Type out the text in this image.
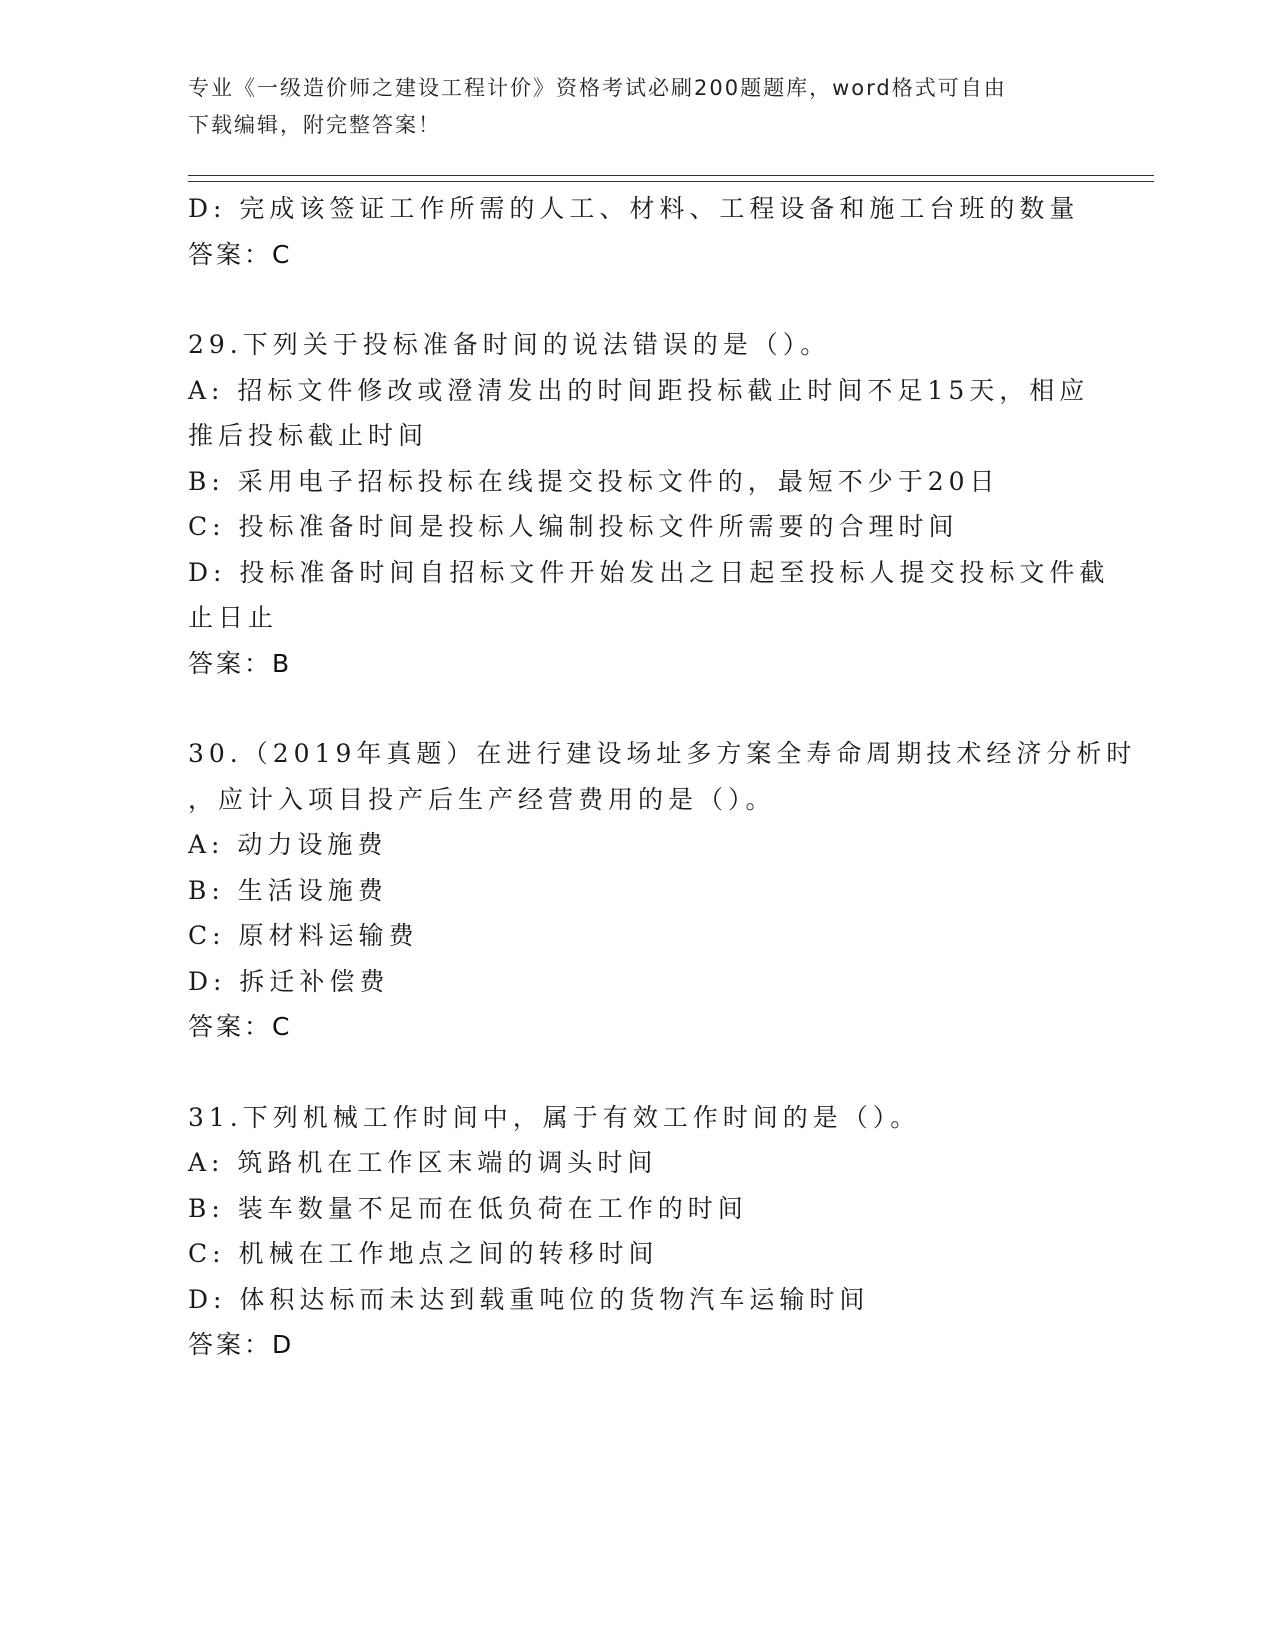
专业《一级造价师之建设工程计价》资格考试必刷200题题库，word格式可自由
下载编辑，附完整答案！
D: 完成该签证工作所需的人工、材料、工程设备和施工台班的数量
答案：C
29.下列关于投标准备时间的说法错误的是（）。
A: 招标文件修改或澄清发出的时间距投标截止时间不足15天，相应
推后投标截止时间
B: 采用电子招标投标在线提交投标文件的，最短不少于20日
C: 投标准备时间是投标人编制投标文件所需要的合理时间
D: 投标准备时间自招标文件开始发出之日起至投标人提交投标文件截
止日止
答案：B
30.（2019年真题）在进行建设场址多方案全寿命周期技术经济分析时
，应计入项目投产后生产经营费用的是（）。
A: 动力设施费
B: 生活设施费
C: 原材料运输费
D: 拆迁补偿费
答案：C
31.下列机械工作时间中，属于有效工作时间的是（）。
A: 筑路机在工作区末端的调头时间
B: 装车数量不足而在低负荷在工作的时间
C: 机械在工作地点之间的转移时间
D: 体积达标而未达到载重吨位的货物汽车运输时间
答案：D
